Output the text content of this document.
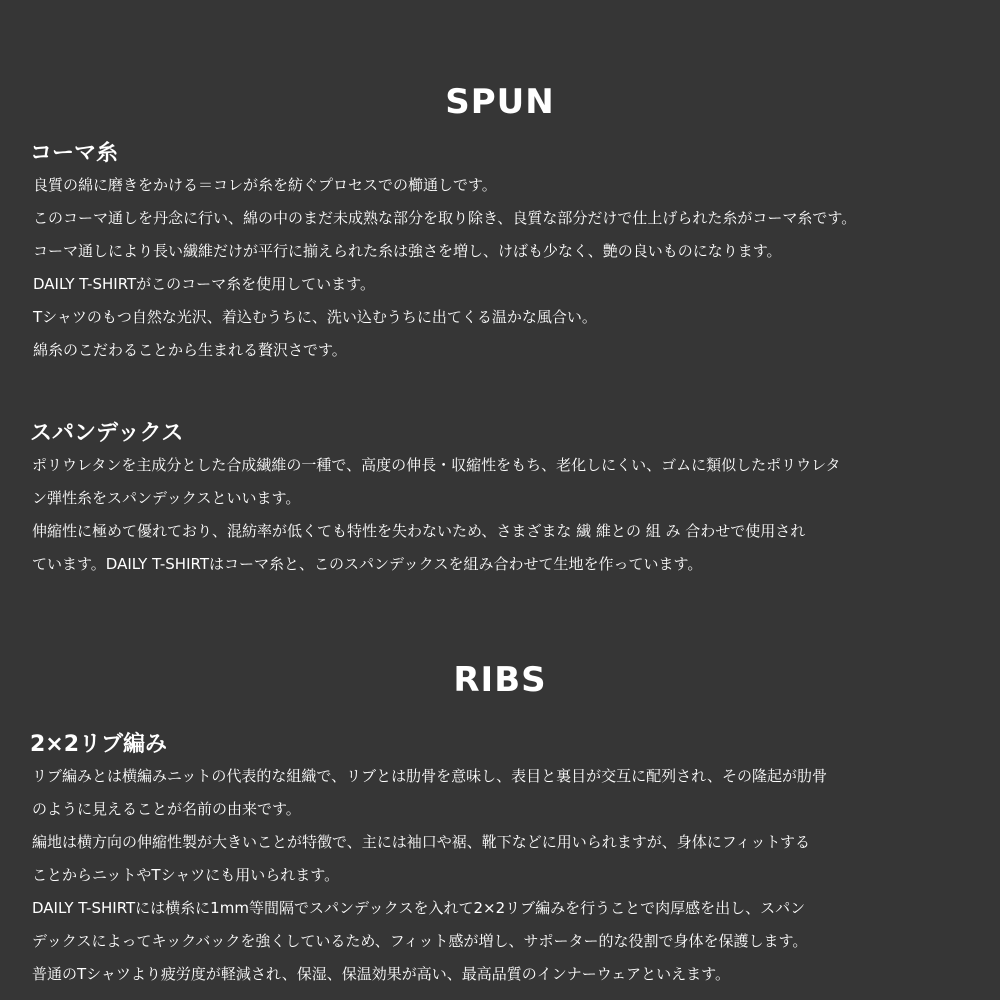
SPUN
コーマ糸

良質の綿に磨きをかける＝コレが糸を紡ぐプロセスでの櫛通しです。

このコーマ通しを丹念に行い、綿の中のまだ未成熟な部分を取り除き、良質な部分だけで仕上げられた糸がコーマ糸です。

コーマ通しにより長い繊維だけが平行に揃えられた糸は強さを増し、けばも少なく、艶の良いものになります。

DAILY T-SHIRTがこのコーマ糸を使用しています。

Tシャツのもつ自然な光沢、着込むうちに、洗い込むうちに出てくる温かな風合い。

綿糸のこだわることから生まれる贅沢さです。

スパンデックス

ポリウレタンを主成分とした合成繊維の一種で、高度の伸長・収縮性をもち、老化しにくい、ゴムに類似したポリウレタ

ン弾性糸をスパンデックスといいます。

伸縮性に極めて優れており、混紡率が低くても特性を失わないため、さまざまな 繊 維との 組 み 合わせで使用され

ています。DAILY T-SHIRTはコーマ糸と、このスパンデックスを組み合わせて生地を作っています。

RIBS
2×2リブ編み

リブ編みとは横編みニットの代表的な組織で、リブとは肋骨を意味し、表目と裏目が交互に配列され、その隆起が肋骨

のように見えることが名前の由来です。

編地は横方向の伸縮性製が大きいことが特徴で、主には袖口や裾、靴下などに用いられますが、身体にフィットする

ことからニットやTシャツにも用いられます。

DAILY T-SHIRTには横糸に1mm等間隔でスパンデックスを入れて2×2リブ編みを行うことで肉厚感を出し、スパン

デックスによってキックバックを強くしているため、フィット感が増し、サポーター的な役割で身体を保護します。

普通のTシャツより疲労度が軽減され、保湿、保温効果が高い、最高品質のインナーウェアといえます。
